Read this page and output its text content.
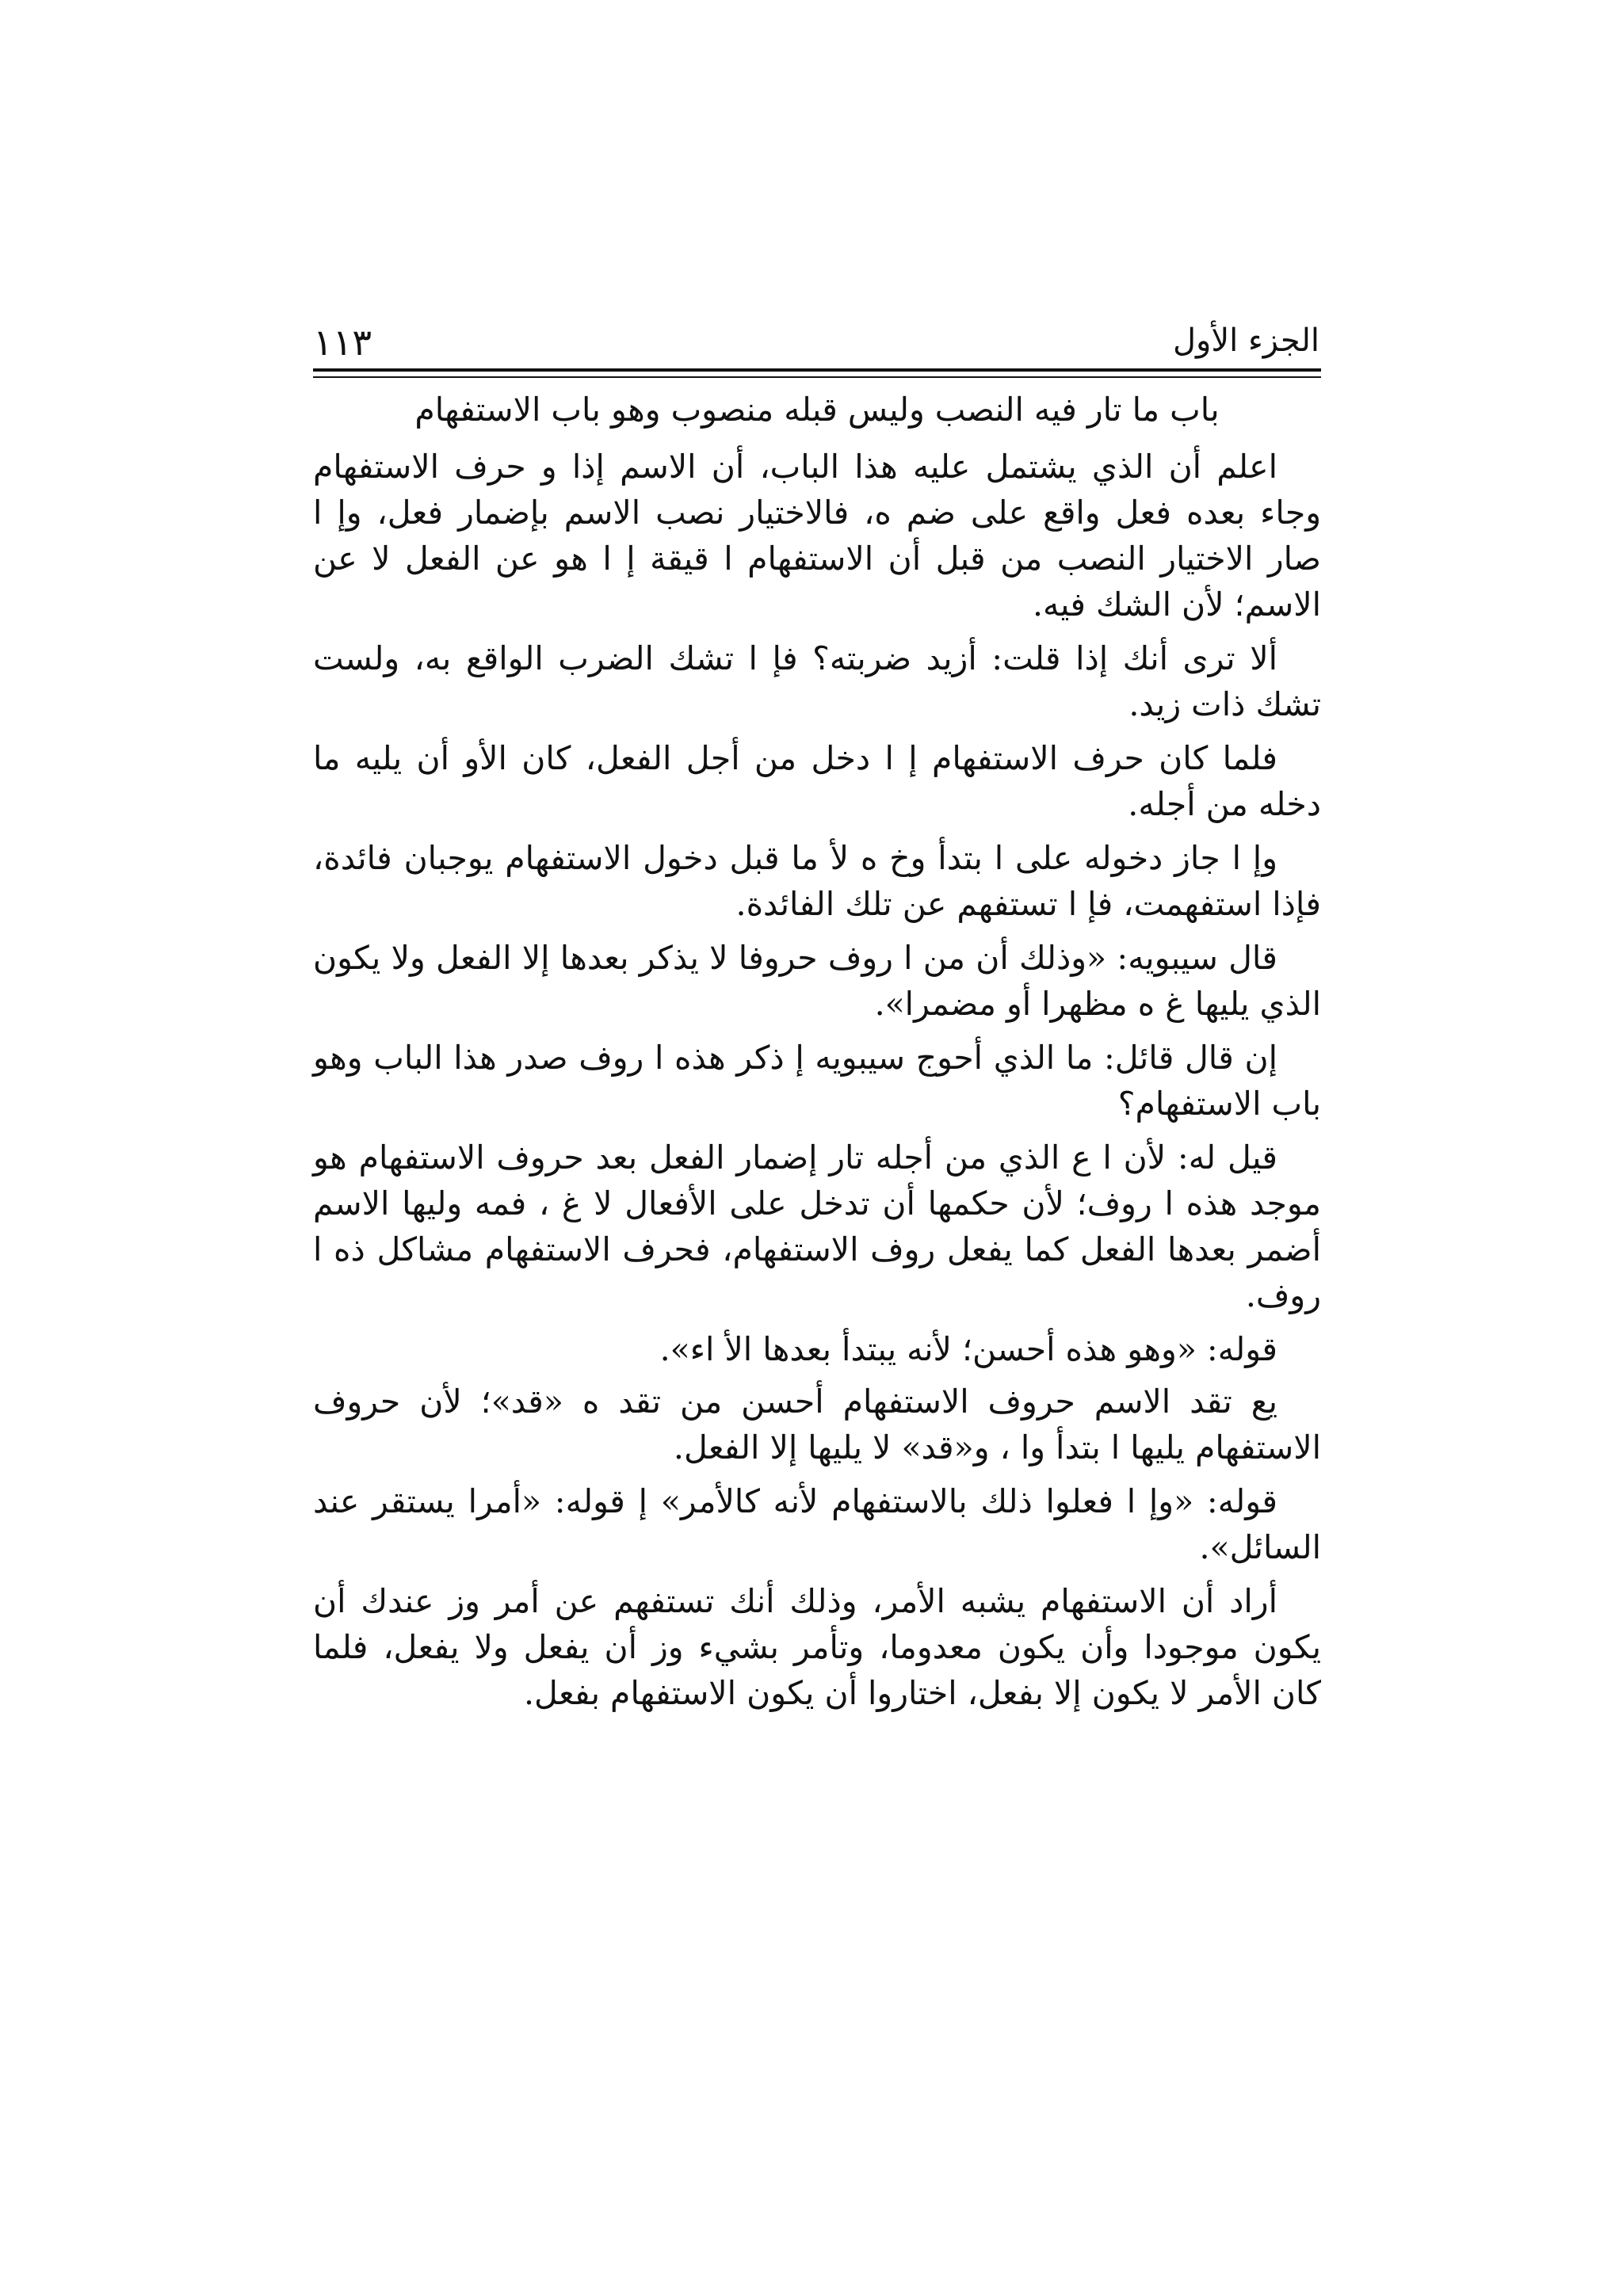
الجزء الأول
١١٣

باب ما تار فيه النصب وليس قبله منصوب وهو باب الاستفهام

اعلم أن الذي يشتمل عليه هذا الباب، أن الاسم إذا و حرف الاستفهام وجاء بعده فعل واقع على ضم ه، فالاختيار نصب الاسم بإضمار فعل، وإ ا صار الاختيار النصب من قبل أن الاستفهام ا قيقة إ ا هو عن الفعل لا عن الاسم؛ لأن الشك فيه.

ألا ترى أنك إذا قلت: أزيد ضربته؟ فإ ا تشك الضرب الواقع به، ولست تشك ذات زيد.

فلما كان حرف الاستفهام إ ا دخل من أجل الفعل، كان الأو أن يليه ما دخله من أجله.

وإ ا جاز دخوله على ا بتدأ وخ ه لأ ما قبل دخول الاستفهام يوجبان فائدة، فإذا استفهمت، فإ ا تستفهم عن تلك الفائدة.

قال سيبويه: «وذلك أن من ا روف حروفا لا يذكر بعدها إلا الفعل ولا يكون الذي يليها غ ه مظهرا أو مضمرا».

إن قال قائل: ما الذي أحوج سيبويه إ ذكر هذه ا روف صدر هذا الباب وهو باب الاستفهام؟

قيل له: لأن ا ع الذي من أجله تار إضمار الفعل بعد حروف الاستفهام هو موجد هذه ا روف؛ لأن حكمها أن تدخل على الأفعال لا غ ، فمه وليها الاسم أضمر بعدها الفعل كما يفعل روف الاستفهام، فحرف الاستفهام مشاكل ذه ا روف.

قوله: «وهو هذه أحسن؛ لأنه يبتدأ بعدها الأ اء».

يع تقد الاسم حروف الاستفهام أحسن من تقد ه «قد»؛ لأن حروف الاستفهام يليها ا بتدأ وا ، و«قد» لا يليها إلا الفعل.

قوله: «وإ ا فعلوا ذلك بالاستفهام لأنه كالأمر» إ قوله: «أمرا يستقر عند السائل».

أراد أن الاستفهام يشبه الأمر، وذلك أنك تستفهم عن أمر وز عندك أن يكون موجودا وأن يكون معدوما، وتأمر بشيء وز أن يفعل ولا يفعل، فلما كان الأمر لا يكون إلا بفعل، اختاروا أن يكون الاستفهام بفعل.
